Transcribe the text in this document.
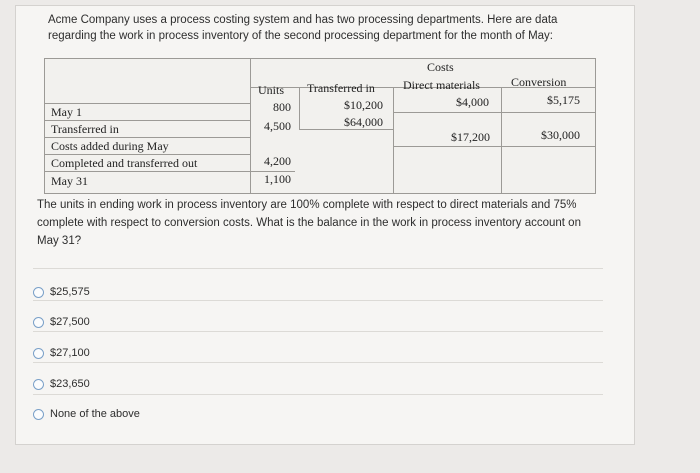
Acme Company uses a process costing system and has two processing departments. Here are data regarding the work in process inventory of the second processing department for the month of May:
Costs
Units Transferred in Direct materials	Conversion
May 1
Transferred in
Costs added during May
Completed and transferred out
May 31
800
4,500
4,200
1,100
$10,200
$64,000
$4,000
$17,200
$5,175
$30,000
The units in ending work in process inventory are 100% complete with respect to direct materials and 75% complete with respect to conversion costs. What is the balance in the work in process inventory account on May 31?
$25,575
$27,500
$27,100
$23,650
None of the above
